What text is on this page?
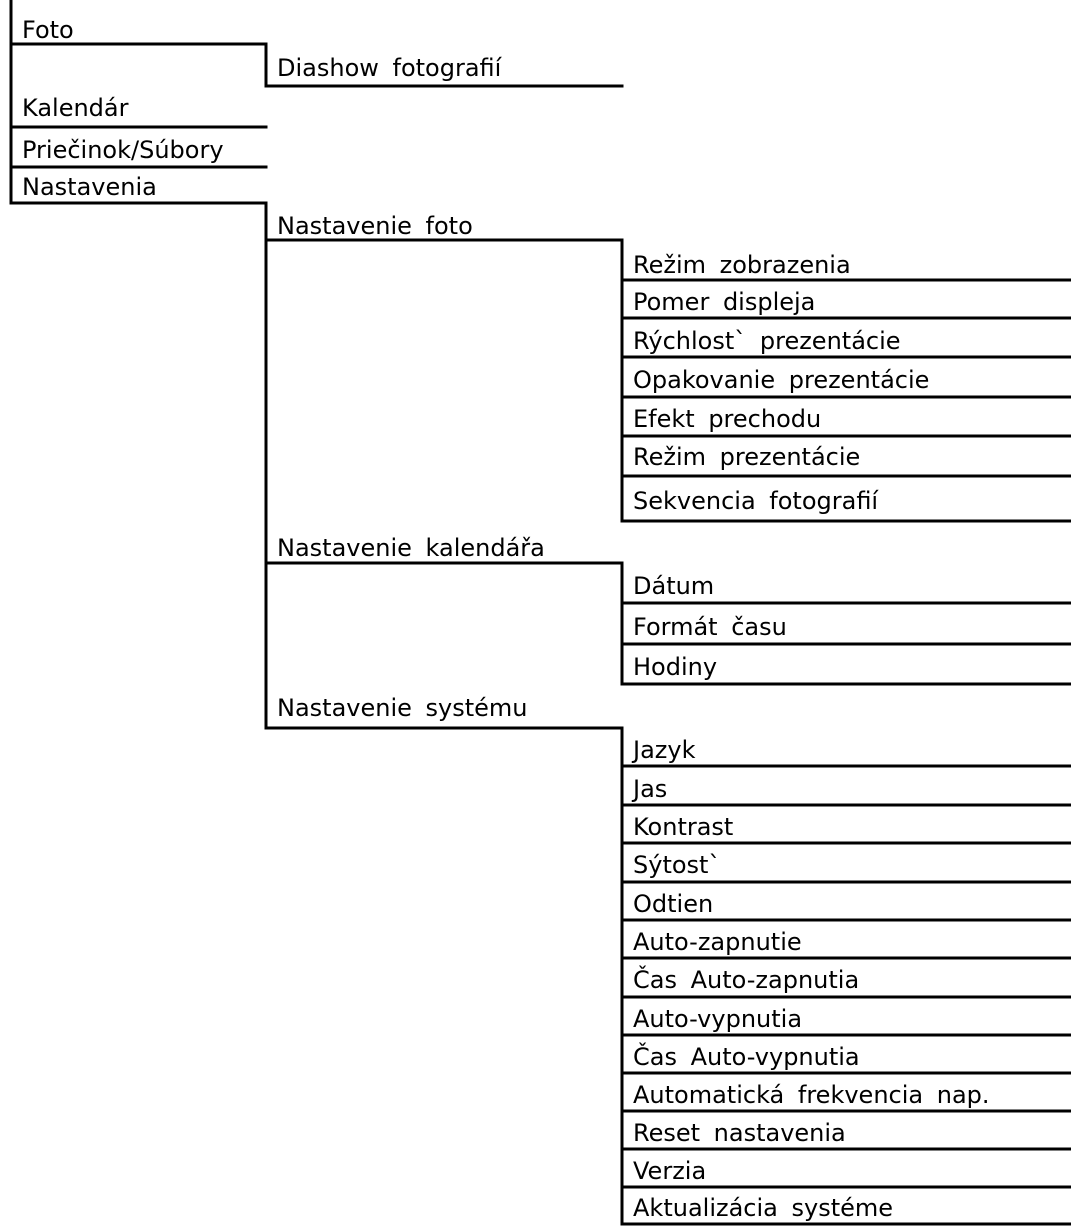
Foto
Kalendár
Priečinok/Súbory
Nastavenia
Diashow fotografií
Nastavenie foto
Nastavenie kalendářa
Nastavenie systému
Režim zobrazenia
Pomer displeja
Rýchlost` prezentácie
Opakovanie prezentácie
Efekt prechodu
Režim prezentácie
Sekvencia fotografií
Dátum
Formát času
Hodiny
Jazyk
Jas
Kontrast
Sýtost`
Odtien
Auto-zapnutie
Čas Auto-zapnutia
Auto-vypnutia
Čas Auto-vypnutia
Automatická frekvencia nap.
Reset nastavenia
Verzia
Aktualizácia systéme
